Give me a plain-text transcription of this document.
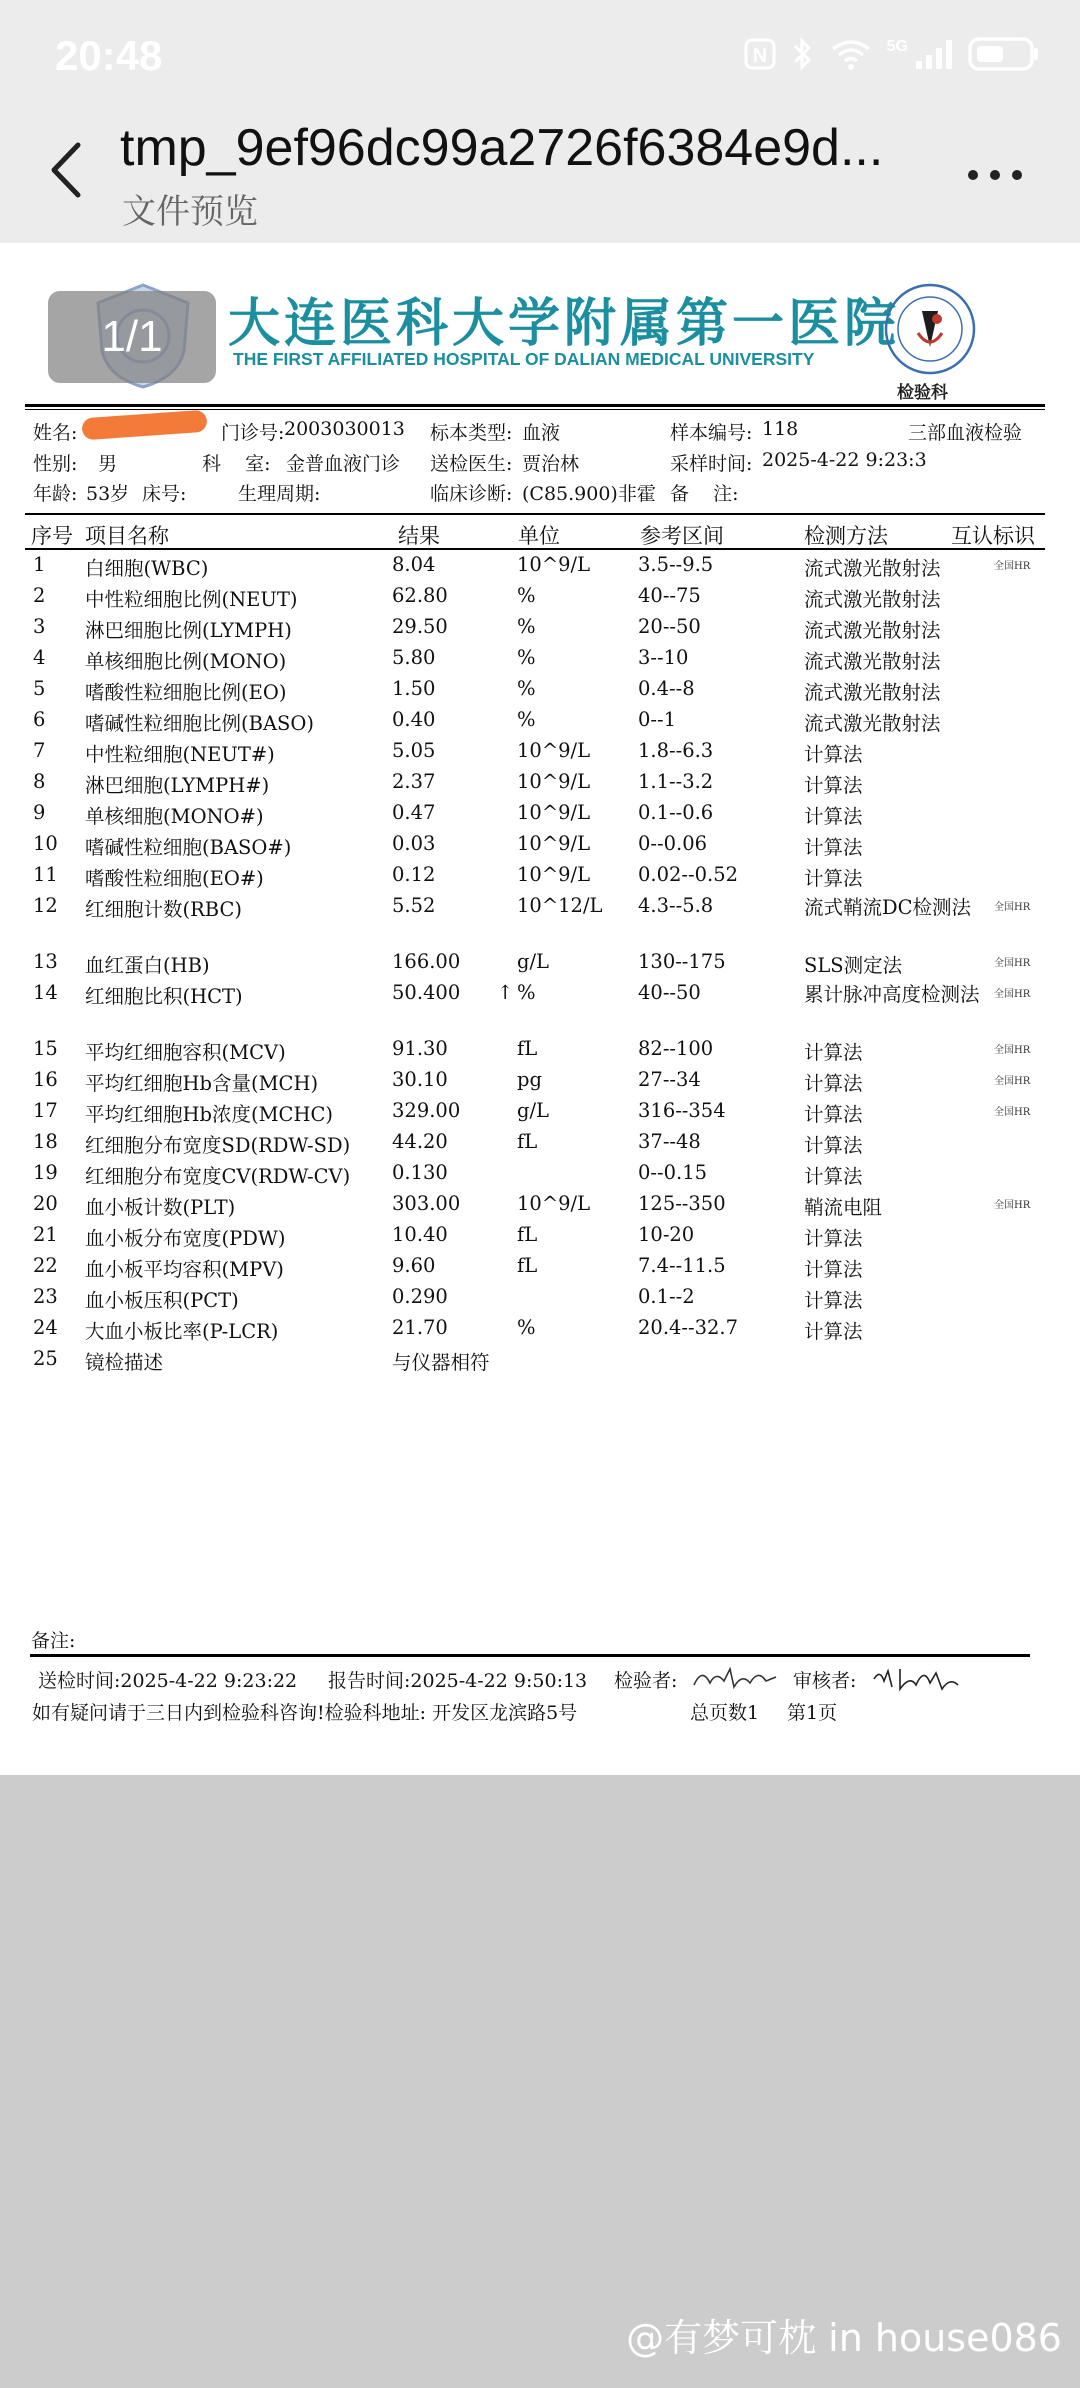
20:48	N	5G
tmp_9ef96dc99a2726f6384e9d...
文件预览
1/1	大连医科大学附属第一医院
THE FIRST AFFILIATED HOSPITAL OF DALIAN MEDICAL UNIVERSITY
检验科
姓名:	门诊号: 2003030013 标本类型: 血液	样本编号: 118	三部血液检验
性别: 男	科    室: 金普血液门诊 送检医生: 贾治林	采样时间: 2025-4-22 9:23:3
年龄: 53岁 床号:	生理周期:	临床诊断: (C85.900)非霍 备    注:
序号 项目名称	结果	单位	参考区间	检测方法	互认标识
1 白细胞(WBC)	8.04	10^9/L 3.5--9.5	流式激光散射法	全国HR
2 中性粒细胞比例(NEUT)	62.80	%	40--75	流式激光散射法
3 淋巴细胞比例(LYMPH)	29.50	%	20--50	流式激光散射法
4 单核细胞比例(MONO)	5.80	%	3--10	流式激光散射法
5 嗜酸性粒细胞比例(EO)	1.50	%	0.4--8	流式激光散射法
6 嗜碱性粒细胞比例(BASO)	0.40	%	0--1	流式激光散射法
7 中性粒细胞(NEUT#)	5.05	10^9/L 1.8--6.3	计算法
8 淋巴细胞(LYMPH#)	2.37	10^9/L 1.1--3.2	计算法
9 单核细胞(MONO#)	0.47	10^9/L 0.1--0.6	计算法
10 嗜碱性粒细胞(BASO#)	0.03	10^9/L 0--0.06	计算法
11 嗜酸性粒细胞(EO#)	0.12	10^9/L 0.02--0.52	计算法
12 红细胞计数(RBC)	5.52	10^12/L 4.3--5.8	流式鞘流DC检测法	全国HR
13 血红蛋白(HB)	166.00	g/L	130--175	SLS测定法	全国HR
14 红细胞比积(HCT)	50.400 ↑ %	40--50	累计脉冲高度检测法	全国HR
15 平均红细胞容积(MCV)	91.30	fL	82--100	计算法	全国HR
16 平均红细胞Hb含量(MCH)	30.10	pg	27--34	计算法	全国HR
17 平均红细胞Hb浓度(MCHC)	329.00	g/L	316--354	计算法	全国HR
18 红细胞分布宽度SD(RDW-SD) 44.20	fL	37--48	计算法
19 红细胞分布宽度CV(RDW-CV) 0.130	0--0.15	计算法
20 血小板计数(PLT)	303.00	10^9/L 125--350	鞘流电阻	全国HR
21 血小板分布宽度(PDW)	10.40	fL	10-20	计算法
22 血小板平均容积(MPV)	9.60	fL	7.4--11.5	计算法
23 血小板压积(PCT)	0.290	0.1--2	计算法
24 大血小板比率(P-LCR)	21.70	%	20.4--32.7	计算法
25 镜检描述	与仪器相符
备注:
送检时间:2025-4-22 9:23:22 报告时间:2025-4-22 9:50:13 检验者:	审核者:
如有疑问请于三日内到检验科咨询!检验科地址: 开发区龙滨路5号	总页数1 第1页
@有梦可枕 in house086
